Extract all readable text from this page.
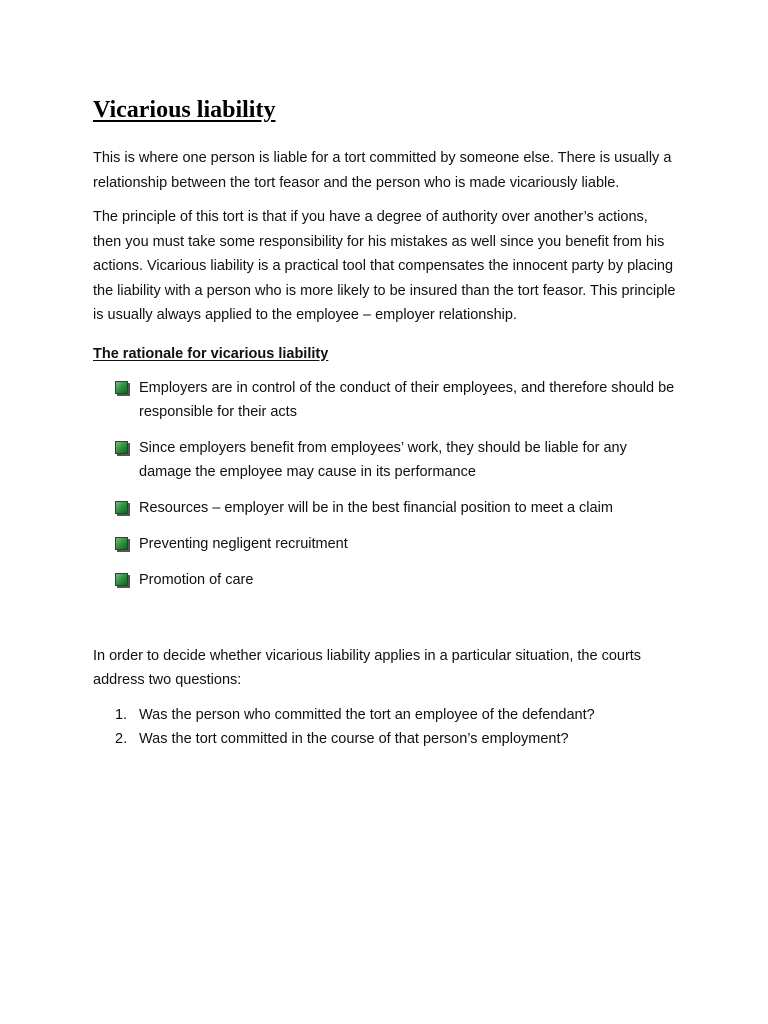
Vicarious liability

This is where one person is liable for a tort committed by someone else. There is usually a relationship between the tort feasor and the person who is made vicariously liable.

The principle of this tort is that if you have a degree of authority over another’s actions, then you must take some responsibility for his mistakes as well since you benefit from his actions. Vicarious liability is a practical tool that compensates the innocent party by placing the liability with a person who is more likely to be insured than the tort feasor. This principle is usually always applied to the employee – employer relationship.

The rationale for vicarious liability
Employers are in control of the conduct of their employees, and therefore should be responsible for their acts
Since employers benefit from employees’ work, they should be liable for any damage the employee may cause in its performance
Resources – employer will be in the best financial position to meet a claim
Preventing negligent recruitment
Promotion of care

In order to decide whether vicarious liability applies in a particular situation, the courts address two questions:

1. Was the person who committed the tort an employee of the defendant?
2. Was the tort committed in the course of that person’s employment?
